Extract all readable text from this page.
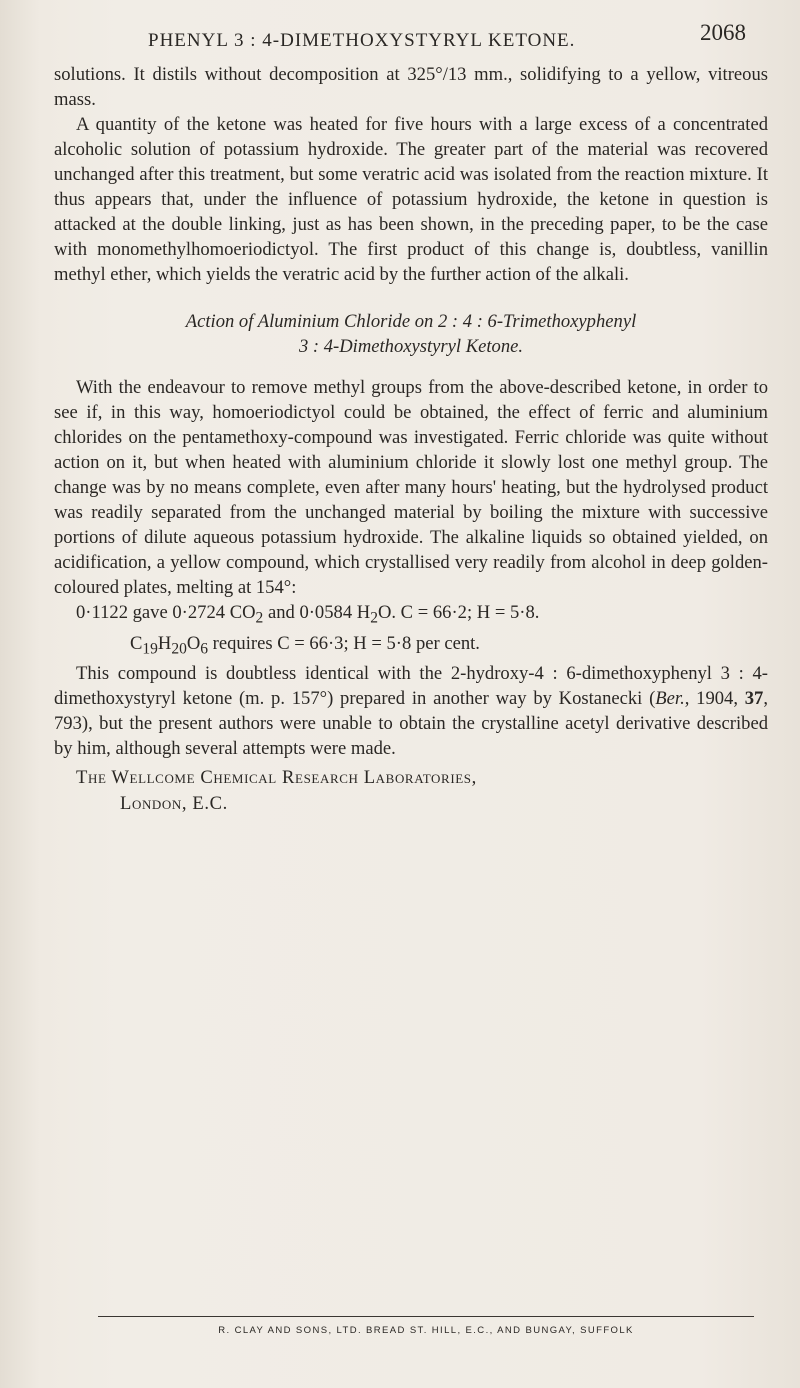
PHENYL 3 : 4-DIMETHOXYSTYRYL KETONE.	2068

solutions. It distils without decomposition at 325°/13 mm., solidifying to a yellow, vitreous mass.

A quantity of the ketone was heated for five hours with a large excess of a concentrated alcoholic solution of potassium hydroxide. The greater part of the material was recovered unchanged after this treatment, but some veratric acid was isolated from the reaction mixture. It thus appears that, under the influence of potassium hydroxide, the ketone in question is attacked at the double linking, just as has been shown, in the preceding paper, to be the case with monomethylhomoeriodictyol. The first product of this change is, doubtless, vanillin methyl ether, which yields the veratric acid by the further action of the alkali.

Action of Aluminium Chloride on 2 : 4 : 6-Trimethoxyphenyl
3 : 4-Dimethoxystyryl Ketone.

With the endeavour to remove methyl groups from the above-described ketone, in order to see if, in this way, homoeriodictyol could be obtained, the effect of ferric and aluminium chlorides on the pentamethoxy-compound was investigated. Ferric chloride was quite without action on it, but when heated with aluminium chloride it slowly lost one methyl group. The change was by no means complete, even after many hours' heating, but the hydrolysed product was readily separated from the unchanged material by boiling the mixture with successive portions of dilute aqueous potassium hydroxide. The alkaline liquids so obtained yielded, on acidification, a yellow compound, which crystallised very readily from alcohol in deep golden-coloured plates, melting at 154°:

0·1122 gave 0·2724 $CO_2$ and 0·0584 $H_2O$. C = 66·2; H = 5·8.

$C_{19}H_{20}O_6$ requires C = 66·3; H = 5·8 per cent.

This compound is doubtless identical with the 2-hydroxy-4 : 6-dimethoxyphenyl 3 : 4-dimethoxystyryl ketone (m. p. 157°) prepared in another way by Kostanecki (Ber., 1904, 37, 793), but the present authors were unable to obtain the crystalline acetyl derivative described by him, although several attempts were made.

The Wellcome Chemical Research Laboratories,

London, E.C.

R. CLAY AND SONS, LTD. BREAD ST. HILL, E.C., AND BUNGAY, SUFFOLK
